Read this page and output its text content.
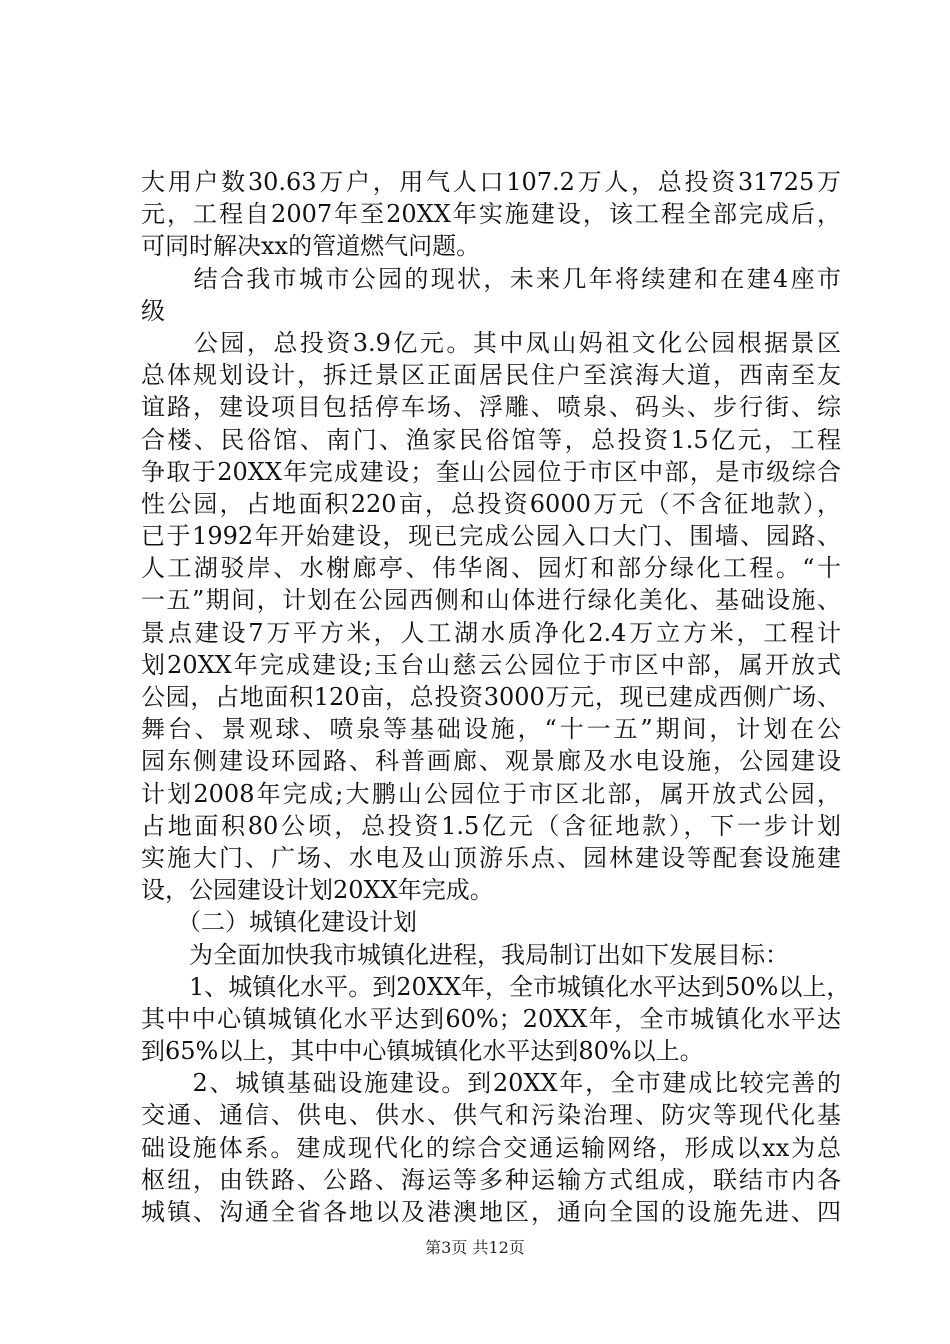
大用户数30.63万户，用气人口107.2万人，总投资31725万
元，工程自2007年至20XX年实施建设，该工程全部完成后，
可同时解决xx的管道燃气问题。
　　结合我市城市公园的现状，未来几年将续建和在建4座市
级
　　公园，总投资3.9亿元。其中凤山妈祖文化公园根据景区
总体规划设计，拆迁景区正面居民住户至滨海大道，西南至友
谊路，建设项目包括停车场、浮雕、喷泉、码头、步行街、综
合楼、民俗馆、南门、渔家民俗馆等，总投资1.5亿元，工程
争取于20XX年完成建设；奎山公园位于市区中部，是市级综合
性公园，占地面积220亩，总投资6000万元（不含征地款），
已于1992年开始建设，现已完成公园入口大门、围墙、园路、
人工湖驳岸、水榭廊亭、伟华阁、园灯和部分绿化工程。“十
一五”期间，计划在公园西侧和山体进行绿化美化、基础设施、
景点建设7万平方米，人工湖水质净化2.4万立方米，工程计
划20XX年完成建设;玉台山慈云公园位于市区中部，属开放式
公园，占地面积120亩，总投资3000万元，现已建成西侧广场、
舞台、景观球、喷泉等基础设施，“十一五”期间，计划在公
园东侧建设环园路、科普画廊、观景廊及水电设施，公园建设
计划2008年完成;大鹏山公园位于市区北部，属开放式公园，
占地面积80公顷，总投资1.5亿元（含征地款），下一步计划
实施大门、广场、水电及山顶游乐点、园林建设等配套设施建
设，公园建设计划20XX年完成。
　　（二）城镇化建设计划
　　为全面加快我市城镇化进程，我局制订出如下发展目标：
　　1、城镇化水平。到20XX年，全市城镇化水平达到50%以上，
其中中心镇城镇化水平达到60%；20XX年，全市城镇化水平达
到65%以上，其中中心镇城镇化水平达到80%以上。
　　2、城镇基础设施建设。到20XX年，全市建成比较完善的
交通、通信、供电、供水、供气和污染治理、防灾等现代化基
础设施体系。建成现代化的综合交通运输网络，形成以xx为总
枢纽，由铁路、公路、海运等多种运输方式组成，联结市内各
城镇、沟通全省各地以及港澳地区，通向全国的设施先进、四
第3页 共12页
